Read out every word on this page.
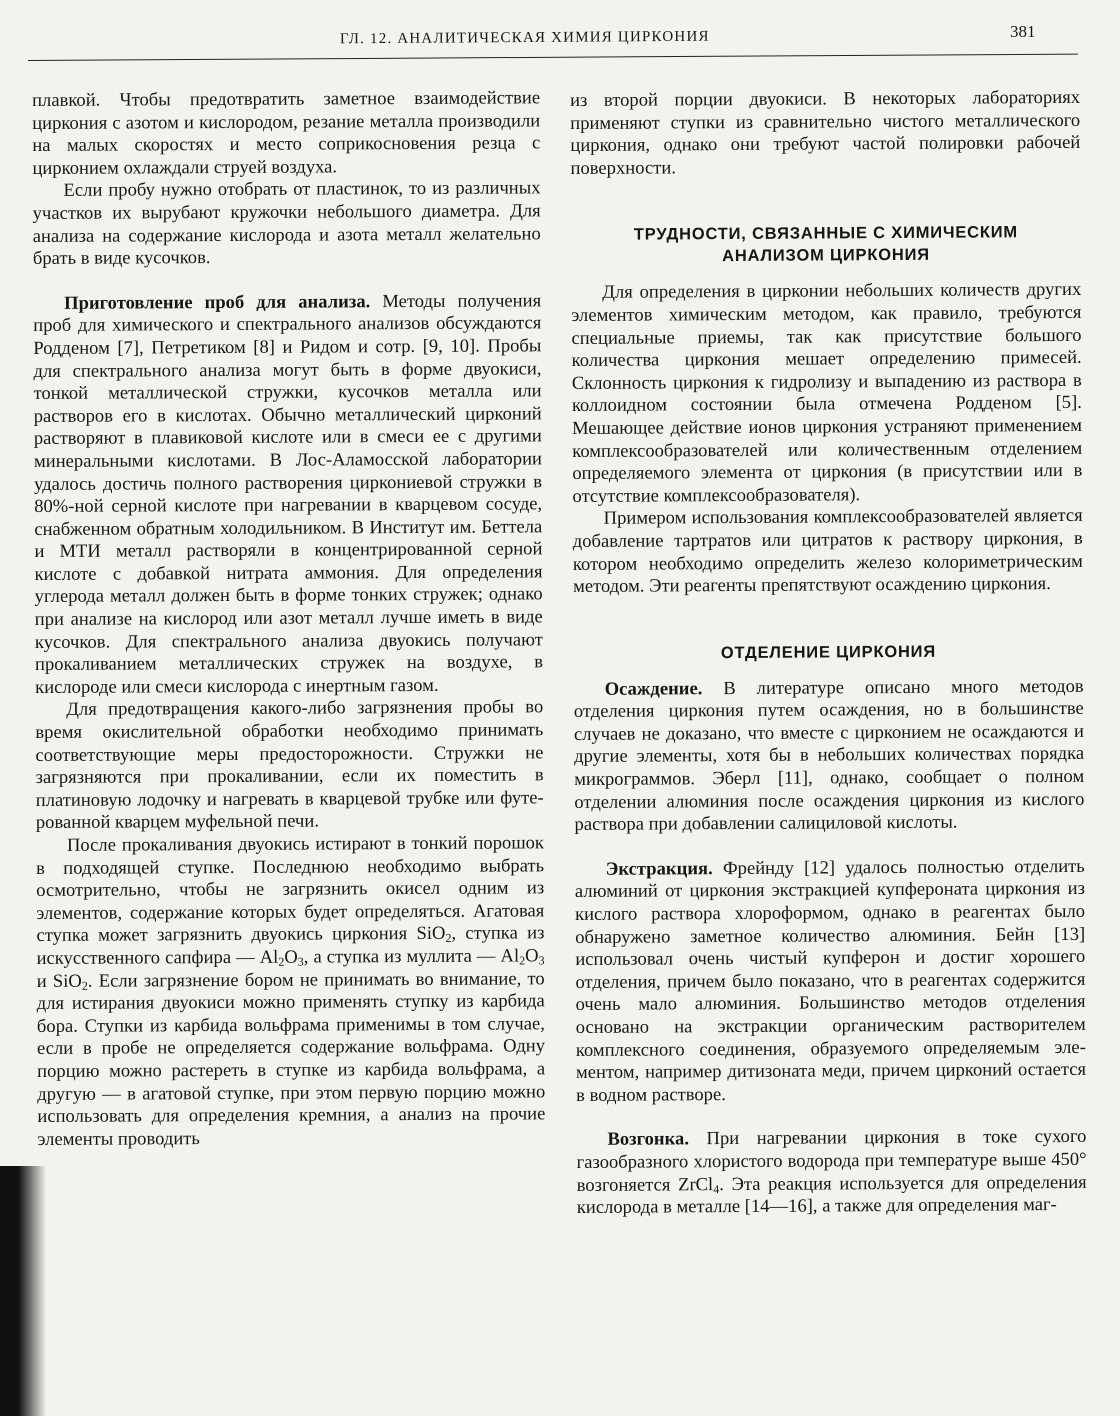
ГЛ. 12. АНАЛИТИЧЕСКАЯ ХИМИЯ ЦИРКОНИЯ	381

плавкой. Чтобы предотвратить заметное взаимодействие циркония с азотом и кислородом, резание металла производили на малых скоростях и место соприкосновения резца с цирконием охлаждали струей воздуха.

Если пробу нужно отобрать от пластинок, то из различных участков их вырубают кружочки небольшого диаметра. Для анализа на содержание кислорода и азота металл желательно брать в виде кусочков.

Приготовление проб для анализа. Методы получения проб для химического и спектрального анализов обсуждаются Родденом [7], Петретиком [8] и Ридом и сотр. [9, 10]. Пробы для спектрального анализа могут быть в форме двуокиси, тонкой металлической стружки, кусочков металла или растворов его в кислотах. Обычно металлический цирконий растворяют в плавиковой кислоте или в смеси ее с другими минеральными кислотами. В Лос-Аламосской лаборатории удалось достичь полного растворения циркониевой стружки в 80%-ной серной кислоте при нагревании в кварцевом сосуде, снабженном обратным холодильником. В Институт им. Беттела и МТИ металл растворяли в концентрированной серной кислоте с добавкой нитрата аммония. Для определения углерода металл должен быть в форме тонких стружек; однако при анализе на кислород или азот металл лучше иметь в виде кусочков. Для спектрального анализа двуокись получают прокаливанием металлических стружек на воздухе, в кислороде или смеси кислорода с инертным газом.

Для предотвращения какого-либо загрязнения пробы во время окислительной обработки необходимо принимать соответствующие меры предосторожности. Стружки не загрязняются при прокаливании, если их поместить в платиновую лодочку и нагревать в кварцевой трубке или футерованной кварцем муфельной печи.

После прокаливания двуокись истирают в тонкий порошок в подходящей ступке. Последнюю необходимо выбрать осмотрительно, чтобы не загрязнить окисел одним из элементов, содержание которых будет определяться. Агатовая ступка может загрязнить двуокись циркония SiO$_2$, ступка из искусственного сапфира — $Al_2O_3$, а ступка из муллита — $Al_2O_3$ и SiO$_2$. Если загрязнение бором не принимать во внимание, то для истирания двуокиси можно применять ступку из карбида бора. Ступки из карбида вольфрама применимы в том случае, если в пробе не определяется содержание вольфрама. Одну порцию можно растереть в ступке из карбида вольфрама, а другую — в агатовой ступке, при этом первую порцию можно использовать для определения кремния, а анализ на прочие элементы проводить

из второй порции двуокиси. В некоторых лабораториях применяют ступки из сравнительно чистого металлического циркония, однако они требуют частой полировки рабочей поверхности.

ТРУДНОСТИ, СВЯЗАННЫЕ С ХИМИЧЕСКИМ
АНАЛИЗОМ ЦИРКОНИЯ

Для определения в цирконии небольших количеств других элементов химическим методом, как правило, требуются специальные приемы, так как присутствие большого количества циркония мешает определению примесей. Склонность циркония к гидролизу и выпадению из раствора в коллоидном состоянии была отмечена Родденом [5]. Мешающее действие ионов циркония устраняют применением комплексообразователей или количественным отделением определяемого элемента от циркония (в присутствии или в отсутствие комплексообразователя).

Примером использования комплексообразователей является добавление тартратов или цитратов к раствору циркония, в котором необходимо определить железо колориметрическим методом. Эти реагенты препятствуют осаждению циркония.

ОТДЕЛЕНИЕ ЦИРКОНИЯ

Осаждение. В литературе описано много методов отделения циркония путем осаждения, но в большинстве случаев не доказано, что вместе с цирконием не осаждаются и другие элементы, хотя бы в небольших количествах порядка микрограммов. Эберл [11], однако, сообщает о полном отделении алюминия после осаждения циркония из кислого раствора при добавлении салициловой кислоты.

Экстракция. Фрейнду [12] удалось полностью отделить алюминий от циркония экстракцией купфероната циркония из кислого раствора хлороформом, однако в реагентах было обнаружено заметное количество алюминия. Бейн [13] использовал очень чистый купферон и достиг хорошего отделения, причем было показано, что в реагентах содержится очень мало алюминия. Большинство методов отделения основано на экстракции органическим растворителем комплексного соединения, образуемого определяемым элементом, например дитизоната меди, причем цирконий остается в водном растворе.

Возгонка. При нагревании циркония в токе сухого газообразного хлористого водорода при температуре выше 450° возгоняется ZrCl$_4$. Эта реакция используется для определения кислорода в металле [14—16], а также для определения маг-
